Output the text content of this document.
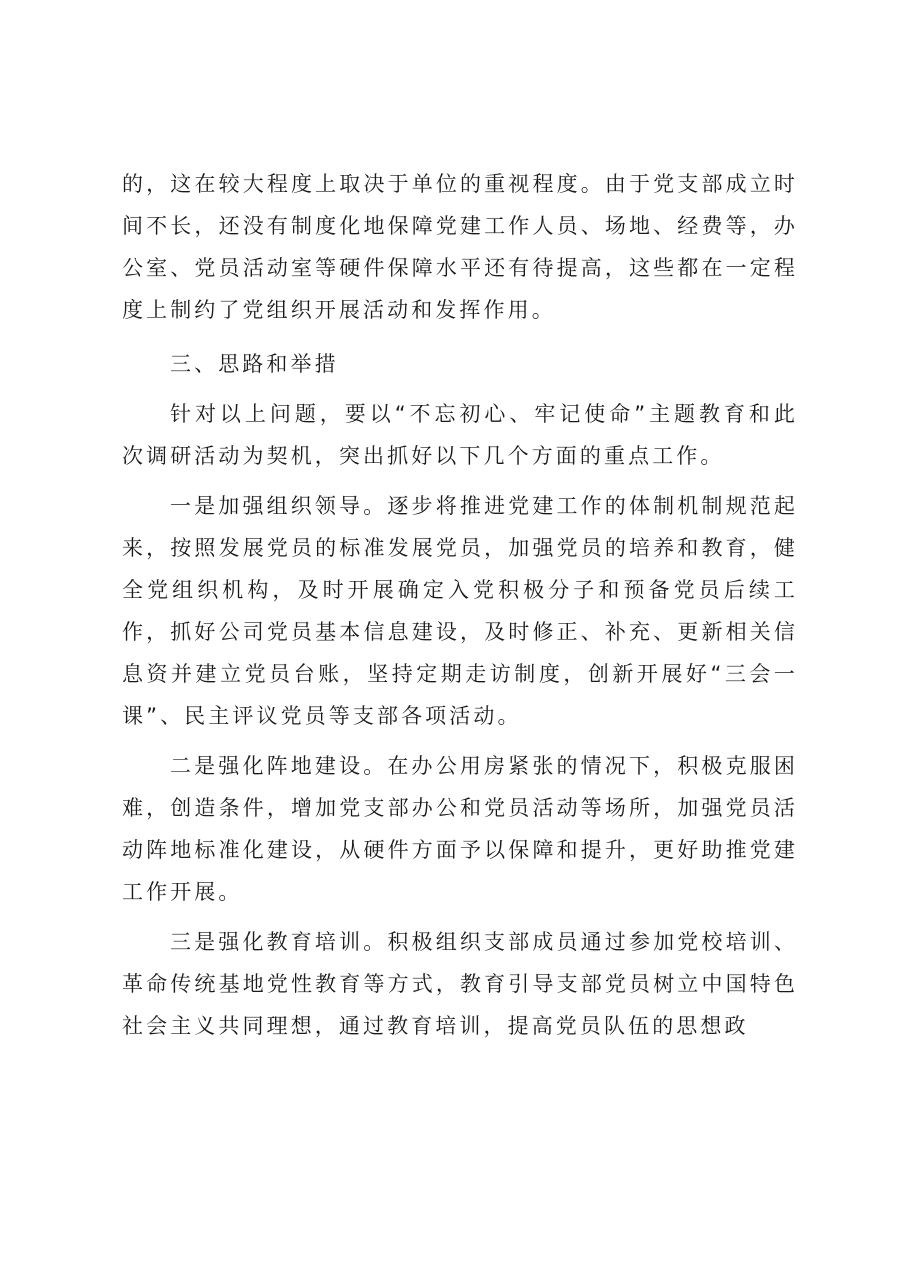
的，这在较大程度上取决于单位的重视程度。由于党支部成立时间不长，还没有制度化地保障党建工作人员、场地、经费等，办公室、党员活动室等硬件保障水平还有待提高，这些都在一定程度上制约了党组织开展活动和发挥作用。

三、思路和举措

针对以上问题，要以“不忘初心、牢记使命”主题教育和此次调研活动为契机，突出抓好以下几个方面的重点工作。

一是加强组织领导。逐步将推进党建工作的体制机制规范起来，按照发展党员的标准发展党员，加强党员的培养和教育，健全党组织机构，及时开展确定入党积极分子和预备党员后续工作，抓好公司党员基本信息建设，及时修正、补充、更新相关信息资并建立党员台账，坚持定期走访制度，创新开展好“三会一课”、民主评议党员等支部各项活动。

二是强化阵地建设。在办公用房紧张的情况下，积极克服困难，创造条件，增加党支部办公和党员活动等场所，加强党员活动阵地标准化建设，从硬件方面予以保障和提升，更好助推党建工作开展。

三是强化教育培训。积极组织支部成员通过参加党校培训、革命传统基地党性教育等方式，教育引导支部党员树立中国特色社会主义共同理想，通过教育培训，提高党员队伍的思想政
